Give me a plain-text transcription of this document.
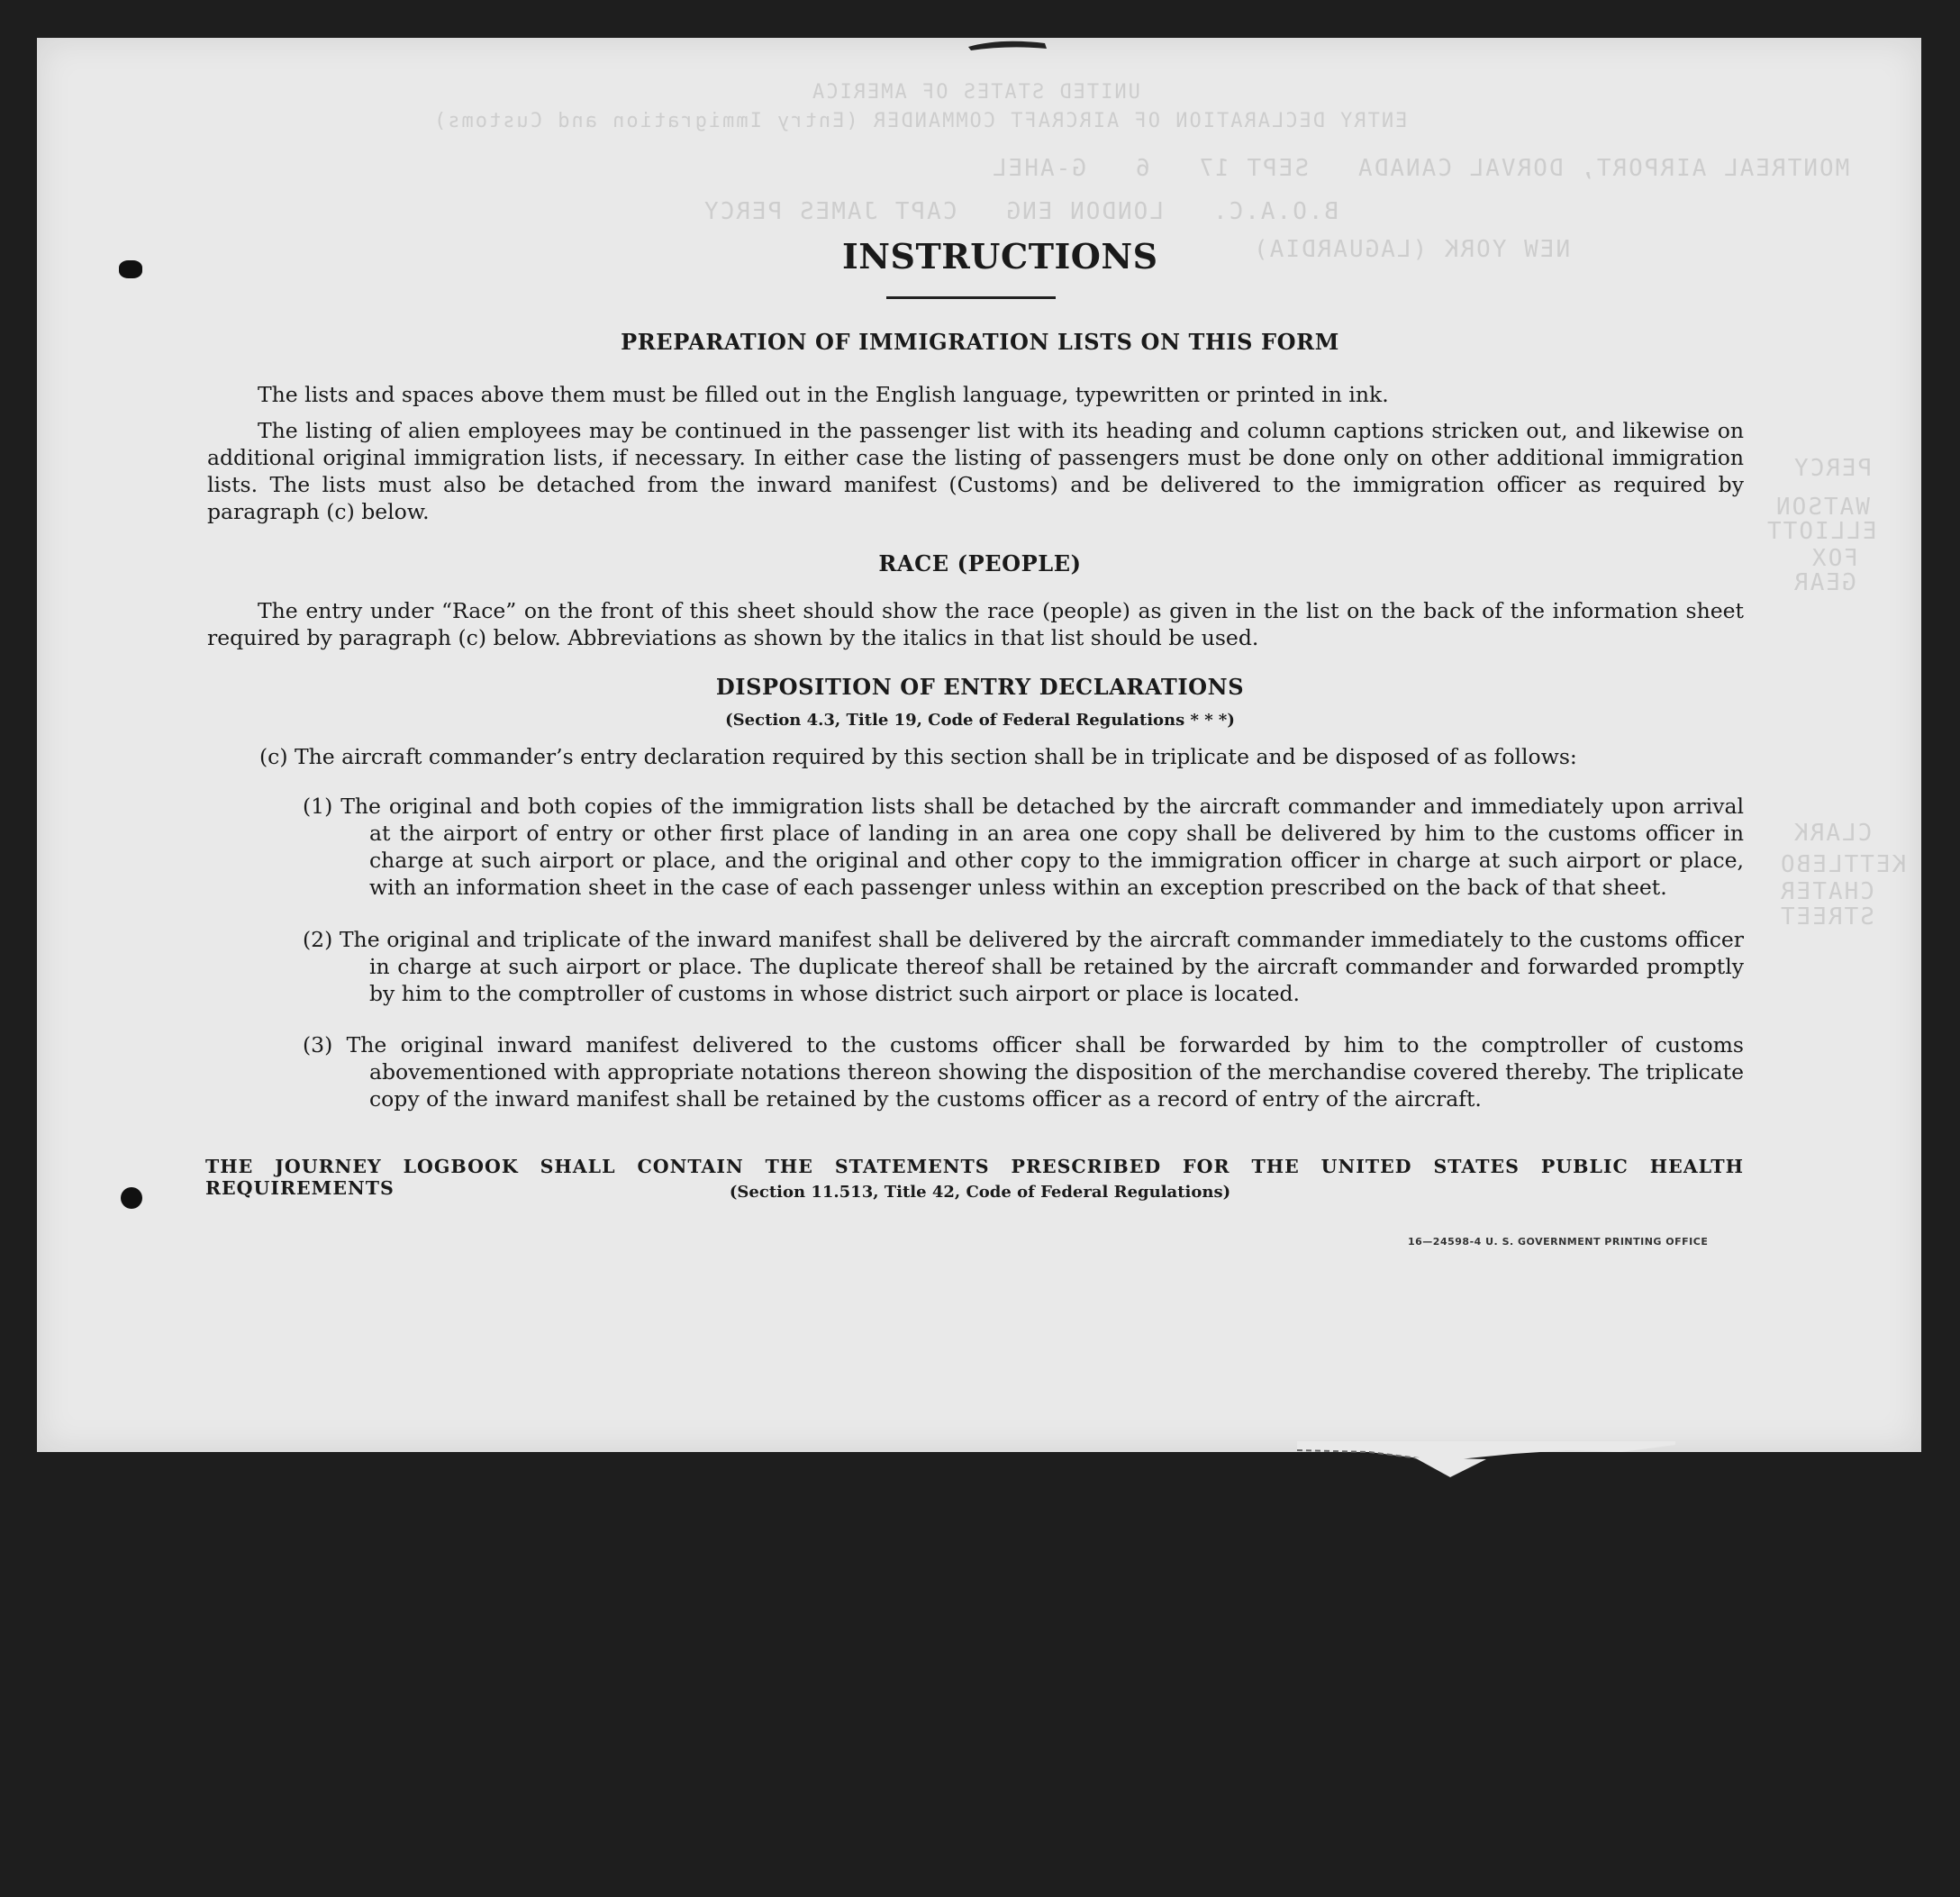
UNITED STATES OF AMERICA
ENTRY DECLARATION OF AIRCRAFT COMMANDER (Entry Immigration and Customs)
MONTREAL AIRPORT, DORVAL CANADA   SEPT 17   6   G-AHEL
B.O.A.C.   LONDON ENG   CAPT JAMES PERCY
NEW YORK (LAGUARDIA)
PERCY
WATSON
ELLIOTT
FOX
GEAR
CLARK
KETTLEBO
CHATER
STREET
INSTRUCTIONS
PREPARATION OF IMMIGRATION LISTS ON THIS FORM
The lists and spaces above them must be filled out in the English language, typewritten or printed in ink.
The listing of alien employees may be continued in the passenger list with its heading and column captions stricken out, and likewise on additional original immigration lists, if necessary. In either case the listing of passengers must be done only on other additional immigration lists. The lists must also be detached from the inward manifest (Customs) and be delivered to the immigration officer as required by paragraph (c) below.
RACE (PEOPLE)
The entry under “Race” on the front of this sheet should show the race (people) as given in the list on the back of the information sheet required by paragraph (c) below. Abbreviations as shown by the italics in that list should be used.
DISPOSITION OF ENTRY DECLARATIONS
(Section 4.3, Title 19, Code of Federal Regulations * * *)
(c) The aircraft commander’s entry declaration required by this section shall be in triplicate and be disposed of as follows:
(1) The original and both copies of the immigration lists shall be detached by the aircraft commander and immediately upon arrival at the airport of entry or other first place of landing in an area one copy shall be delivered by him to the customs officer in charge at such airport or place, and the original and other copy to the immigration officer in charge at such airport or place, with an information sheet in the case of each passenger unless within an exception prescribed on the back of that sheet.
(2) The original and triplicate of the inward manifest shall be delivered by the aircraft commander immediately to the customs officer in charge at such airport or place. The duplicate thereof shall be retained by the aircraft commander and forwarded promptly by him to the comptroller of customs in whose district such airport or place is located.
(3) The original inward manifest delivered to the customs officer shall be forwarded by him to the comptroller of customs abovementioned with appropriate notations thereon showing the disposition of the merchandise covered thereby. The triplicate copy of the inward manifest shall be retained by the customs officer as a record of entry of the aircraft.
THE JOURNEY LOGBOOK SHALL CONTAIN THE STATEMENTS PRESCRIBED FOR THE UNITED STATES PUBLIC HEALTH REQUIREMENTS	(Section 11.513, Title 42, Code of Federal Regulations)
16—24598-4 U. S. GOVERNMENT PRINTING OFFICE
